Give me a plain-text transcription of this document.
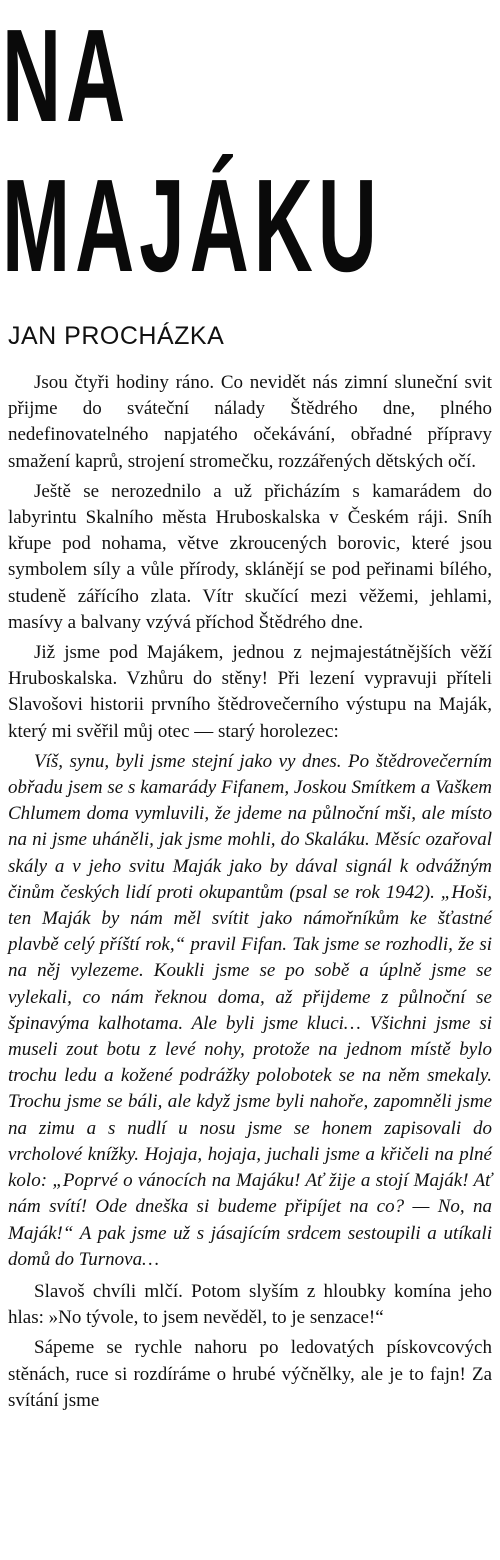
NA
MAJÁKU
JAN PROCHÁZKA

Jsou čtyři hodiny ráno. Co nevidět nás zimní sluneční svit přijme do sváteční nálady Štědrého dne, plného nedefinovatelného napjatého očekávání, obřadné přípravy smažení kaprů, strojení stromečku, rozzářených dětských očí.

Ještě se nerozednilo a už přicházím s kamarádem do labyrintu Skalního města Hruboskalska v Českém ráji. Sníh křupe pod nohama, větve zkroucených borovic, které jsou symbolem síly a vůle přírody, sklánějí se pod peřinami bílého, studeně zářícího zlata. Vítr skučící mezi věžemi, jehlami, masívy a balvany vzývá příchod Štědrého dne.

Již jsme pod Majákem, jednou z nejmajestátnějších věží Hruboskalska. Vzhůru do stěny! Při lezení vypravuji příteli Slavošovi historii prvního štědrovečerního výstupu na Maják, který mi svěřil můj otec — starý horolezec:

Víš, synu, byli jsme stejní jako vy dnes. Po štědrovečerním obřadu jsem se s kamarády Fifanem, Joskou Smítkem a Vaškem Chlumem doma vymluvili, že jdeme na půlnoční mši, ale místo na ni jsme uháněli, jak jsme mohli, do Skaláku. Měsíc ozařoval skály a v jeho svitu Maják jako by dával signál k odvážným činům českých lidí proti okupantům (psal se rok 1942). „Hoši, ten Maják by nám měl svítit jako námořníkům ke šťastné plavbě celý příští rok,“ pravil Fifan. Tak jsme se rozhodli, že si na něj vylezeme. Koukli jsme se po sobě a úplně jsme se vylekali, co nám řeknou doma, až přijdeme z půlnoční se špinavýma kalhotama. Ale byli jsme kluci… Všichni jsme si museli zout botu z levé nohy, protože na jednom místě bylo trochu ledu a kožené podrážky polobotek se na něm smekaly. Trochu jsme se báli, ale když jsme byli nahoře, zapomněli jsme na zimu a s nudlí u nosu jsme se honem zapisovali do vrcholové knížky. Hojaja, hojaja, juchali jsme a křičeli na plné kolo: „Poprvé o vánocích na Majáku! Ať žije a stojí Maják! Ať nám svítí! Ode dneška si budeme připíjet na co? — No, na Maják!“ A pak jsme už s jásajícím srdcem sestoupili a utíkali domů do Turnova…

Slavoš chvíli mlčí. Potom slyším z hloubky komína jeho hlas: »No tývole, to jsem nevěděl, to je senzace!“

Sápeme se rychle nahoru po ledovatých pískovcových stěnách, ruce si rozdíráme o hrubé výčnělky, ale je to fajn! Za svítání jsme
